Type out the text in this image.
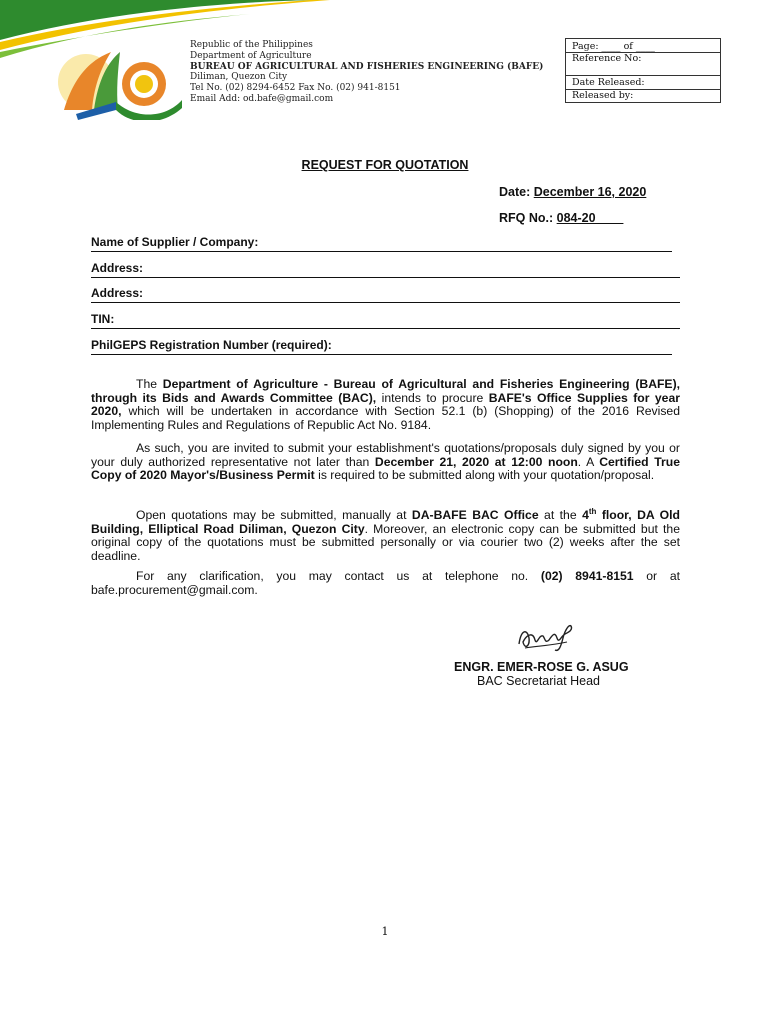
Republic of the Philippines
Department of Agriculture
BUREAU OF AGRICULTURAL AND FISHERIES ENGINEERING (BAFE)
Diliman, Quezon City
Tel No. (02) 8294-6452 Fax No. (02) 941-8151
Email Add: od.bafe@gmail.com
Page: ____ of ____
Reference No:
Date Released:
Released by:
REQUEST FOR QUOTATION
Date: December 16, 2020
RFQ No.: 084-20____
Name of Supplier / Company:
Address:
Address:
TIN:
PhilGEPS Registration Number (required):
The Department of Agriculture - Bureau of Agricultural and Fisheries Engineering (BAFE), through its Bids and Awards Committee (BAC), intends to procure BAFE's Office Supplies for year 2020, which will be undertaken in accordance with Section 52.1 (b) (Shopping) of the 2016 Revised Implementing Rules and Regulations of Republic Act No. 9184.
As such, you are invited to submit your establishment's quotations/proposals duly signed by you or your duly authorized representative not later than December 21, 2020 at 12:00 noon. A Certified True Copy of 2020 Mayor's/Business Permit is required to be submitted along with your quotation/proposal.
Open quotations may be submitted, manually at DA-BAFE BAC Office at the 4th floor, DA Old Building, Elliptical Road Diliman, Quezon City. Moreover, an electronic copy can be submitted but the original copy of the quotations must be submitted personally or via courier two (2) weeks after the set deadline.
For any clarification, you may contact us at telephone no. (02) 8941-8151 or at bafe.procurement@gmail.com.
ENGR. EMER-ROSE G. ASUG
BAC Secretariat Head
1
